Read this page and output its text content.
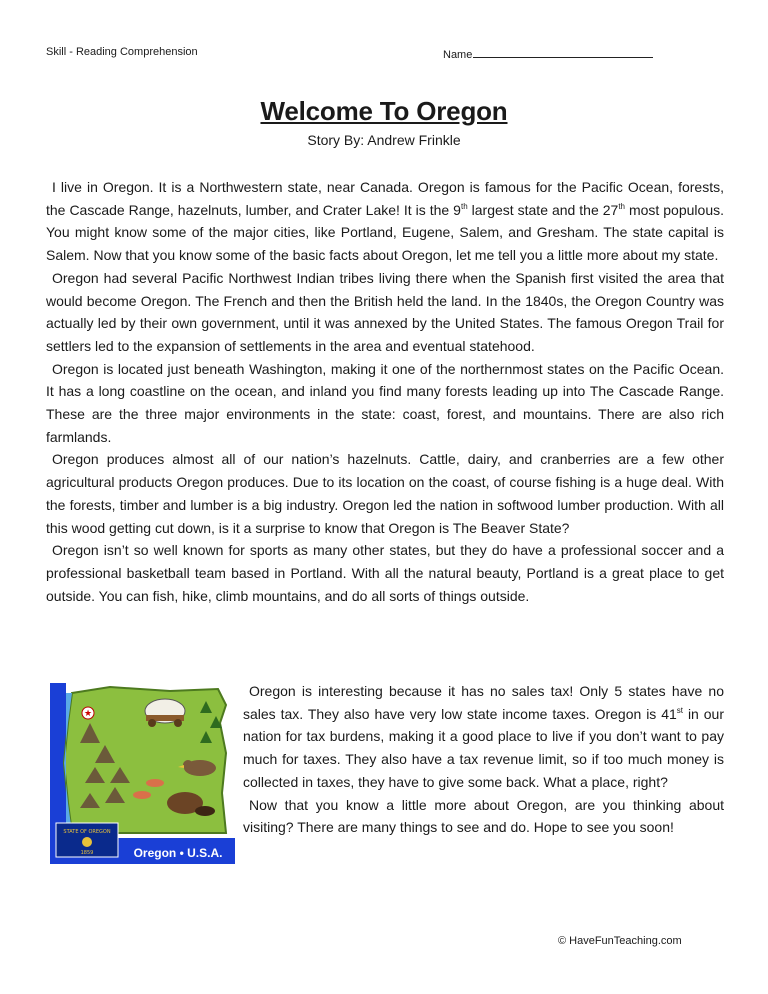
Skill - Reading Comprehension	Name
Welcome To Oregon
Story By: Andrew Frinkle

I live in Oregon. It is a Northwestern state, near Canada. Oregon is famous for the Pacific Ocean, forests, the Cascade Range, hazelnuts, lumber, and Crater Lake! It is the 9th largest state and the 27th most populous. You might know some of the major cities, like Portland, Eugene, Salem, and Gresham. The state capital is Salem. Now that you know some of the basic facts about Oregon, let me tell you a little more about my state.

Oregon had several Pacific Northwest Indian tribes living there when the Spanish first visited the area that would become Oregon. The French and then the British held the land. In the 1840s, the Oregon Country was actually led by their own government, until it was annexed by the United States. The famous Oregon Trail for settlers led to the expansion of settlements in the area and eventual statehood.

Oregon is located just beneath Washington, making it one of the northernmost states on the Pacific Ocean. It has a long coastline on the ocean, and inland you find many forests leading up into The Cascade Range. These are the three major environments in the state: coast, forest, and mountains. There are also rich farmlands.

Oregon produces almost all of our nation’s hazelnuts. Cattle, dairy, and cranberries are a few other agricultural products Oregon produces. Due to its location on the coast, of course fishing is a huge deal. With the forests, timber and lumber is a big industry. Oregon led the nation in softwood lumber production. With all this wood getting cut down, is it a surprise to know that Oregon is The Beaver State?

Oregon isn’t so well known for sports as many other states, but they do have a professional soccer and a professional basketball team based in Portland. With all the natural beauty, Portland is a great place to get outside. You can fish, hike, climb mountains, and do all sorts of things outside.

★
STATE OF OREGON
1859	Oregon • U.S.A.

Oregon is interesting because it has no sales tax! Only 5 states have no sales tax. They also have very low state income taxes. Oregon is 41st in our nation for tax burdens, making it a good place to live if you don’t want to pay much for taxes. They also have a tax revenue limit, so if too much money is collected in taxes, they have to give some back. What a place, right?

Now that you know a little more about Oregon, are you thinking about visiting? There are many things to see and do. Hope to see you soon!

© HaveFunTeaching.com
